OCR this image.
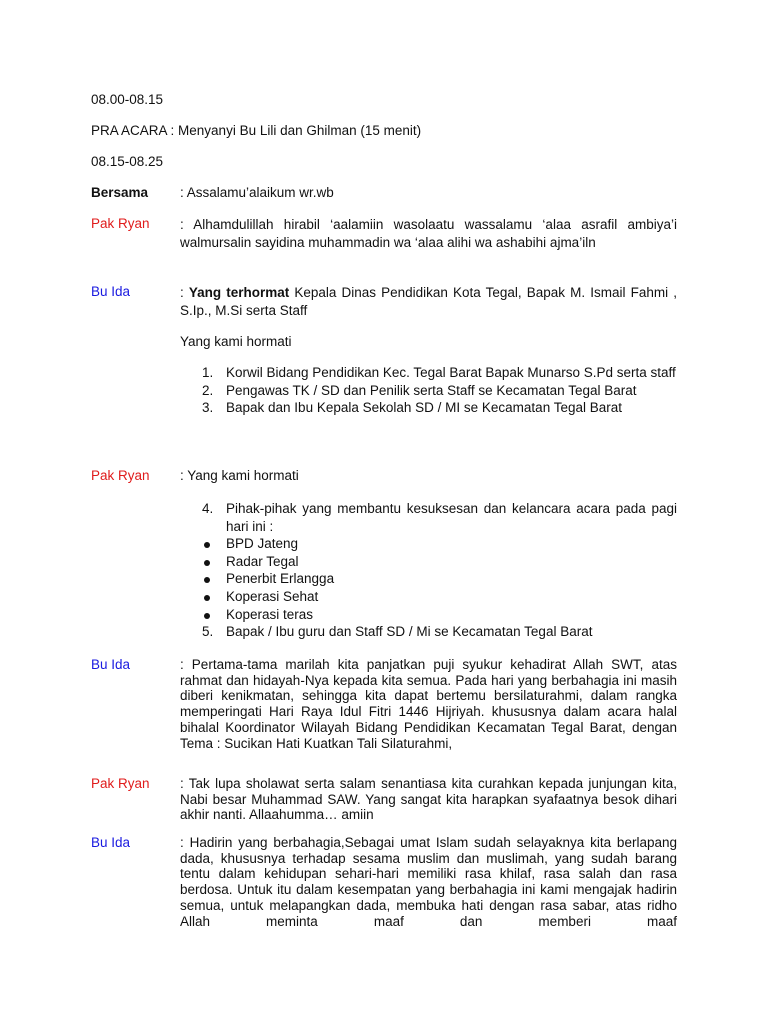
08.00-08.15
PRA ACARA : Menyanyi Bu Lili dan Ghilman (15 menit)
08.15-08.25
Bersama : Assalamu’alaikum wr.wb
Pak Ryan : Alhamdulillah hirabil ‘aalamiin wasolaatu wassalamu ‘alaa asrafil ambiya’i walmursalin sayidina muhammadin wa ‘alaa alihi wa ashabihi ajma’iln
Bu Ida	: Yang terhormat Kepala Dinas Pendidikan Kota Tegal, Bapak M. Ismail Fahmi , S.Ip., M.Si serta Staff
Yang kami hormati
1. Korwil Bidang Pendidikan Kec. Tegal Barat Bapak Munarso S.Pd serta staff
2. Pengawas TK / SD dan Penilik serta Staff se Kecamatan Tegal Barat
3. Bapak dan Ibu Kepala Sekolah SD / MI se Kecamatan Tegal Barat
Pak Ryan : Yang kami hormati
4. Pihak-pihak yang membantu kesuksesan dan kelancara acara pada pagi hari ini :
BPD Jateng
Radar Tegal
Penerbit Erlangga
Koperasi Sehat
Koperasi teras
5. Bapak / Ibu guru dan Staff SD / Mi se Kecamatan Tegal Barat
Bu Ida	: Pertama-tama marilah kita panjatkan puji syukur kehadirat Allah SWT, atas rahmat dan hidayah-Nya kepada kita semua. Pada hari yang berbahagia ini masih diberi kenikmatan, sehingga kita dapat bertemu bersilaturahmi, dalam rangka memperingati Hari Raya Idul Fitri 1446 Hijriyah. khususnya dalam acara halal bihalal Koordinator Wilayah Bidang Pendidikan Kecamatan Tegal Barat, dengan Tema : Sucikan Hati Kuatkan Tali Silaturahmi,
Pak Ryan : Tak lupa sholawat serta salam senantiasa kita curahkan kepada junjungan kita, Nabi besar Muhammad SAW. Yang sangat kita harapkan syafaatnya besok dihari akhir nanti. Allaahumma… amiin
Bu Ida	: Hadirin yang berbahagia,Sebagai umat Islam sudah selayaknya kita berlapang dada, khususnya terhadap sesama muslim dan muslimah, yang sudah barang tentu dalam kehidupan sehari-hari memiliki rasa khilaf, rasa salah dan rasa berdosa. Untuk itu dalam kesempatan yang berbahagia ini kami mengajak hadirin semua, untuk melapangkan dada, membuka hati dengan rasa sabar, atas ridho Allah meminta maaf dan memberi maaf
